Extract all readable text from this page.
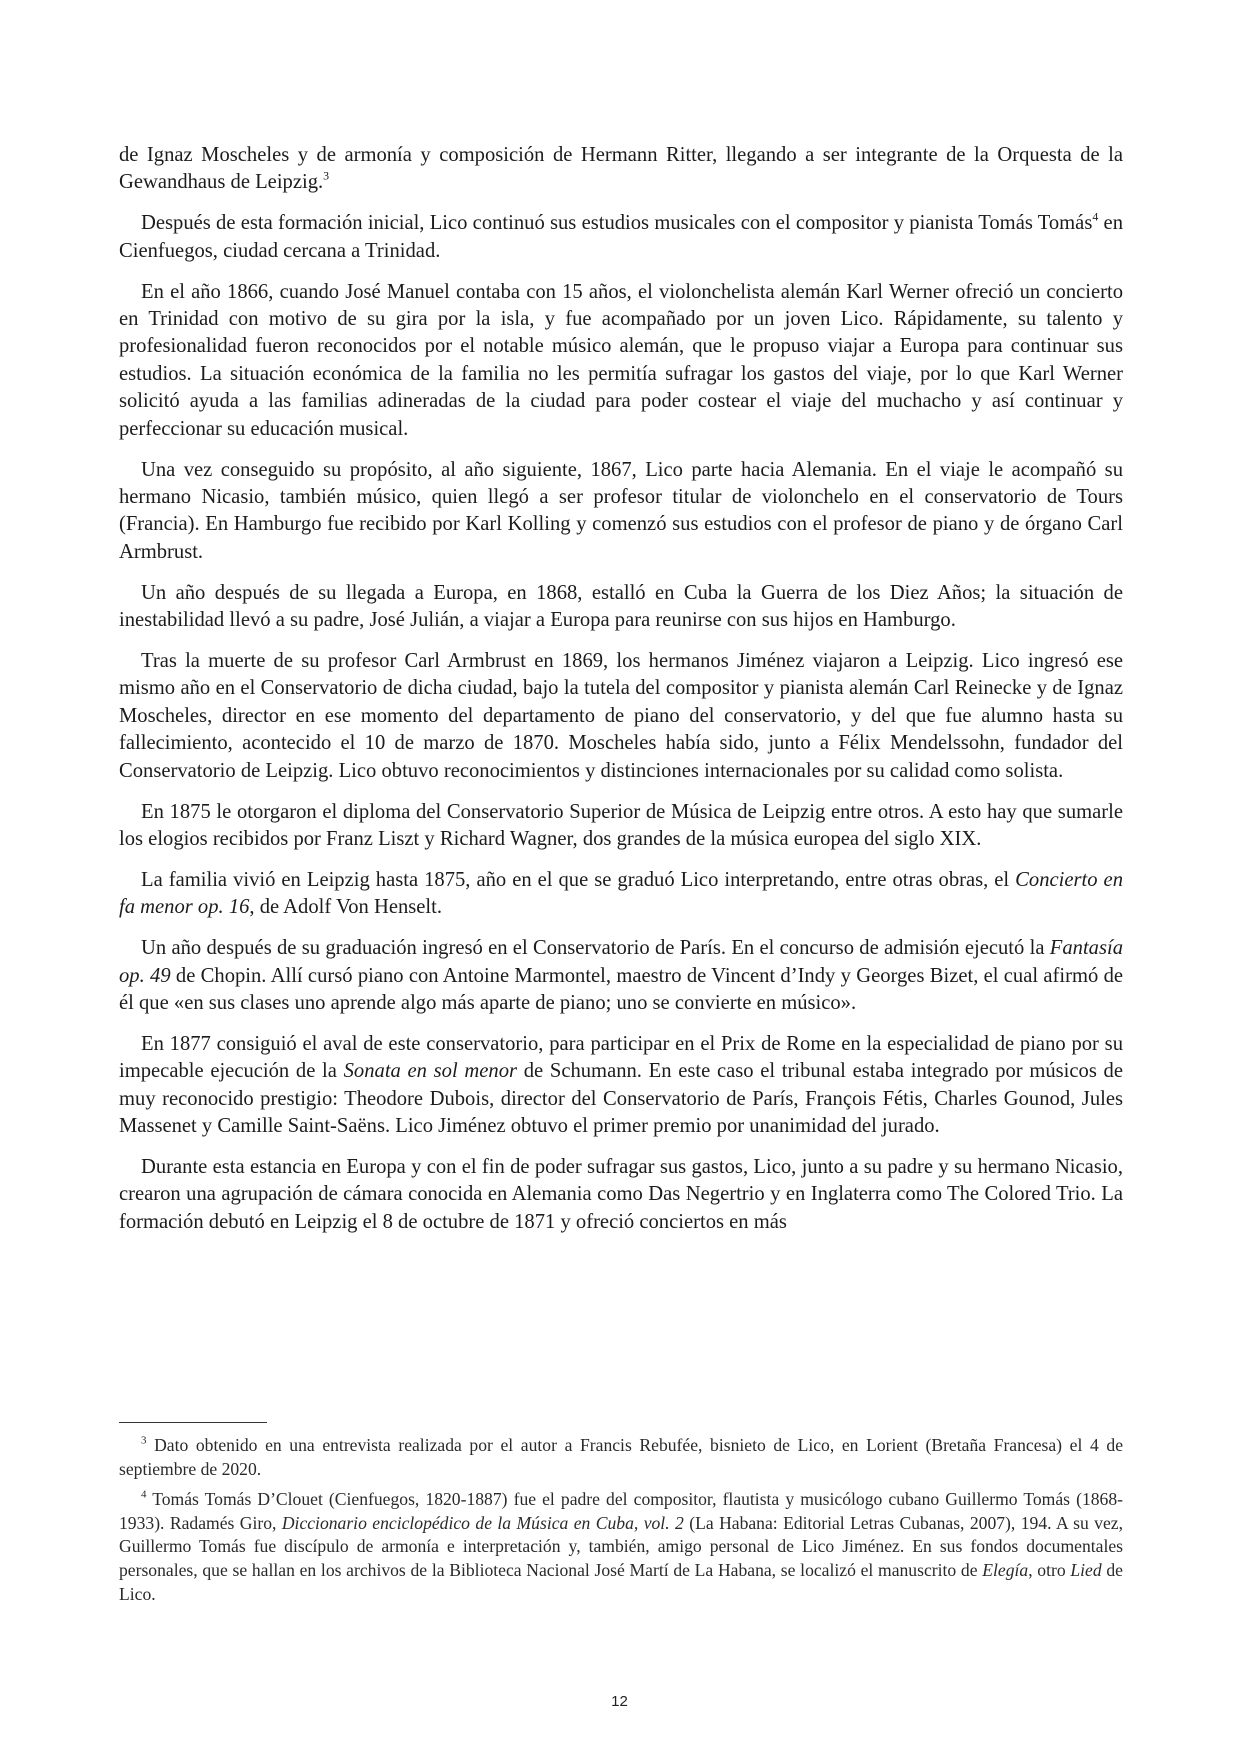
de Ignaz Moscheles y de armonía y composición de Hermann Ritter, llegando a ser integrante de la Orquesta de la Gewandhaus de Leipzig.$^3$

Después de esta formación inicial, Lico continuó sus estudios musicales con el compositor y pianista Tomás Tomás$^4$ en Cienfuegos, ciudad cercana a Trinidad.

En el año 1866, cuando José Manuel contaba con 15 años, el violonchelista alemán Karl Werner ofreció un concierto en Trinidad con motivo de su gira por la isla, y fue acompañado por un joven Lico. Rápidamente, su talento y profesionalidad fueron reconocidos por el notable músico alemán, que le propuso viajar a Europa para continuar sus estudios. La situación económica de la familia no les permitía sufragar los gastos del viaje, por lo que Karl Werner solicitó ayuda a las familias adineradas de la ciudad para poder costear el viaje del muchacho y así continuar y perfeccionar su educación musical.

Una vez conseguido su propósito, al año siguiente, 1867, Lico parte hacia Alemania. En el viaje le acompañó su hermano Nicasio, también músico, quien llegó a ser profesor titular de violonchelo en el conservatorio de Tours (Francia). En Hamburgo fue recibido por Karl Kolling y comenzó sus estudios con el profesor de piano y de órgano Carl Armbrust.

Un año después de su llegada a Europa, en 1868, estalló en Cuba la Guerra de los Diez Años; la situación de inestabilidad llevó a su padre, José Julián, a viajar a Europa para reunirse con sus hijos en Hamburgo.

Tras la muerte de su profesor Carl Armbrust en 1869, los hermanos Jiménez viajaron a Leipzig. Lico ingresó ese mismo año en el Conservatorio de dicha ciudad, bajo la tutela del compositor y pianista alemán Carl Reinecke y de Ignaz Moscheles, director en ese momento del departamento de piano del conservatorio, y del que fue alumno hasta su fallecimiento, acontecido el 10 de marzo de 1870. Moscheles había sido, junto a Félix Mendelssohn, fundador del Conservatorio de Leipzig. Lico obtuvo reconocimientos y distinciones internacionales por su calidad como solista.

En 1875 le otorgaron el diploma del Conservatorio Superior de Música de Leipzig entre otros. A esto hay que sumarle los elogios recibidos por Franz Liszt y Richard Wagner, dos grandes de la música europea del siglo XIX.

La familia vivió en Leipzig hasta 1875, año en el que se graduó Lico interpretando, entre otras obras, el Concierto en fa menor op. 16, de Adolf Von Henselt.

Un año después de su graduación ingresó en el Conservatorio de París. En el concurso de admisión ejecutó la Fantasía op. 49 de Chopin. Allí cursó piano con Antoine Marmontel, maestro de Vincent d’Indy y Georges Bizet, el cual afirmó de él que «en sus clases uno aprende algo más aparte de piano; uno se convierte en músico».

En 1877 consiguió el aval de este conservatorio, para participar en el Prix de Rome en la especialidad de piano por su impecable ejecución de la Sonata en sol menor de Schumann. En este caso el tribunal estaba integrado por músicos de muy reconocido prestigio: Theodore Dubois, director del Conservatorio de París, François Fétis, Charles Gounod, Jules Massenet y Camille Saint-Saëns. Lico Jiménez obtuvo el primer premio por unanimidad del jurado.

Durante esta estancia en Europa y con el fin de poder sufragar sus gastos, Lico, junto a su padre y su hermano Nicasio, crearon una agrupación de cámara conocida en Alemania como Das Negertrio y en Inglaterra como The Colored Trio. La formación debutó en Leipzig el 8 de octubre de 1871 y ofreció conciertos en más

$^3$ Dato obtenido en una entrevista realizada por el autor a Francis Rebufée, bisnieto de Lico, en Lorient (Bretaña Francesa) el 4 de septiembre de 2020.

$^4$ Tomás Tomás D’Clouet (Cienfuegos, 1820-1887) fue el padre del compositor, flautista y musicólogo cubano Guillermo Tomás (1868-1933). Radamés Giro, Diccionario enciclopédico de la Música en Cuba, vol. 2 (La Habana: Editorial Letras Cubanas, 2007), 194. A su vez, Guillermo Tomás fue discípulo de armonía e interpretación y, también, amigo personal de Lico Jiménez. En sus fondos documentales personales, que se hallan en los archivos de la Biblioteca Nacional José Martí de La Habana, se localizó el manuscrito de Elegía, otro Lied de Lico.

12
